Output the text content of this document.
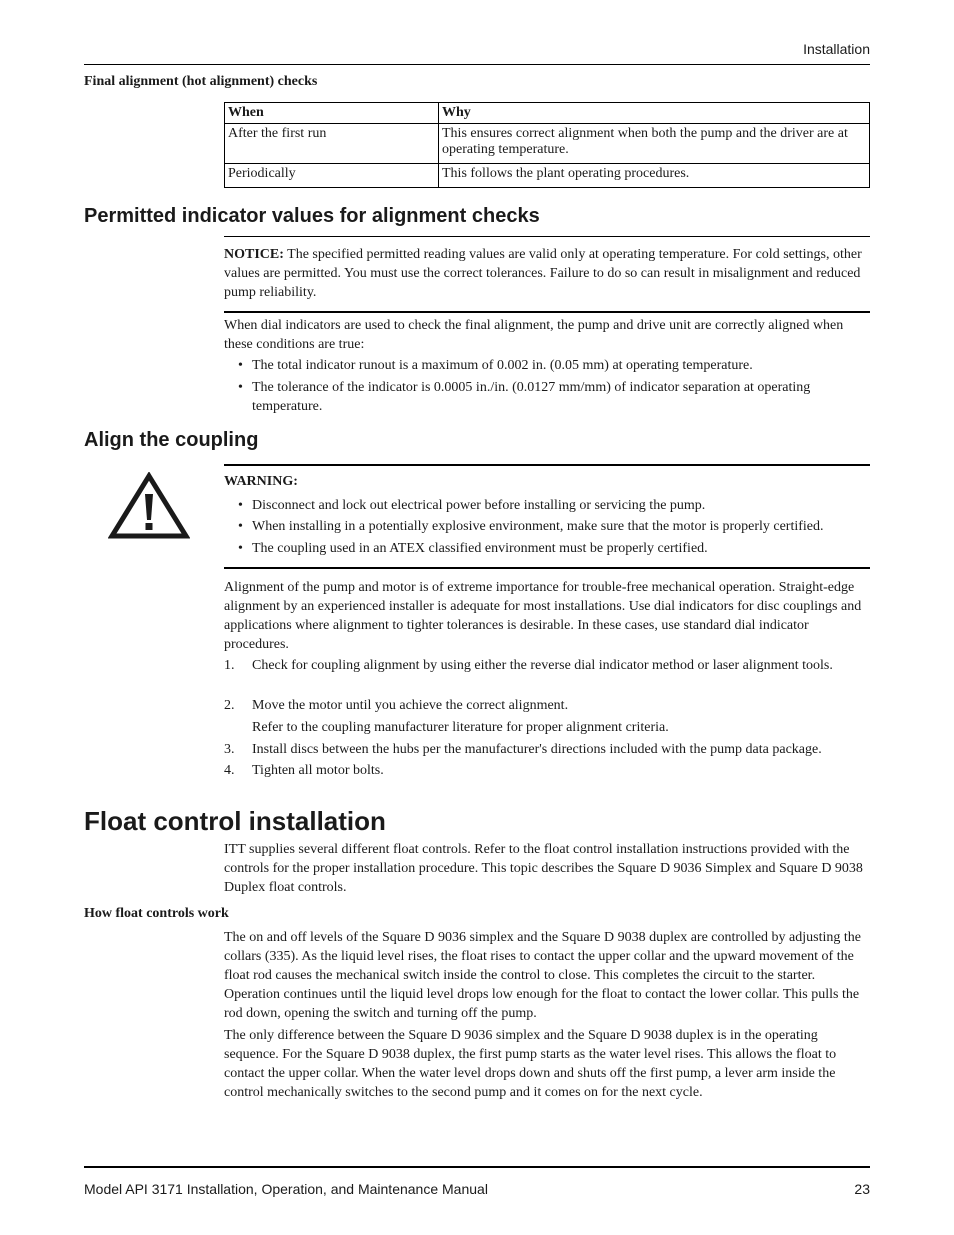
Installation
Final alignment (hot alignment) checks
When	Why
After the first run	This ensures correct alignment when both the pump and the driver are at operating temperature.
Periodically	This follows the plant operating procedures.
Permitted indicator values for alignment checks

NOTICE: The specified permitted reading values are valid only at operating temperature. For cold settings, other values are permitted. You must use the correct tolerances. Failure to do so can result in misalignment and reduced pump reliability.

When dial indicators are used to check the final alignment, the pump and drive unit are correctly aligned when these conditions are true:

• The total indicator runout is a maximum of 0.002 in. (0.05 mm) at operating temperature.

• The tolerance of the indicator is 0.0005 in./in. (0.0127 mm/mm) of indicator separation at operating temperature.

Align the coupling
WARNING:
• Disconnect and lock out electrical power before installing or servicing the pump.

• When installing in a potentially explosive environment, make sure that the motor is properly certified.

• The coupling used in an ATEX classified environment must be properly certified.

Alignment of the pump and motor is of extreme importance for trouble-free mechanical operation. Straight-edge alignment by an experienced installer is adequate for most installations. Use dial indicators for disc couplings and applications where alignment to tighter tolerances is desirable. In these cases, use standard dial indicator procedures.

1. Check for coupling alignment by using either the reverse dial indicator method or laser alignment tools.

2. Move the motor until you achieve the correct alignment.

Refer to the coupling manufacturer literature for proper alignment criteria.

3. Install discs between the hubs per the manufacturer's directions included with the pump data package.

4. Tighten all motor bolts.

Float control installation

ITT supplies several different float controls. Refer to the float control installation instructions provided with the controls for the proper installation procedure. This topic describes the Square D 9036 Simplex and Square D 9038 Duplex float controls.

How float controls work

The on and off levels of the Square D 9036 simplex and the Square D 9038 duplex are controlled by adjusting the collars (335). As the liquid level rises, the float rises to contact the upper collar and the upward movement of the float rod causes the mechanical switch inside the control to close. This completes the circuit to the starter. Operation continues until the liquid level drops low enough for the float to contact the lower collar. This pulls the rod down, opening the switch and turning off the pump.

The only difference between the Square D 9036 simplex and the Square D 9038 duplex is in the operating sequence. For the Square D 9038 duplex, the first pump starts as the water level rises. This allows the float to contact the upper collar. When the water level drops down and shuts off the first pump, a lever arm inside the control mechanically switches to the second pump and it comes on for the next cycle.

Model API 3171 Installation, Operation, and Maintenance Manual	23
